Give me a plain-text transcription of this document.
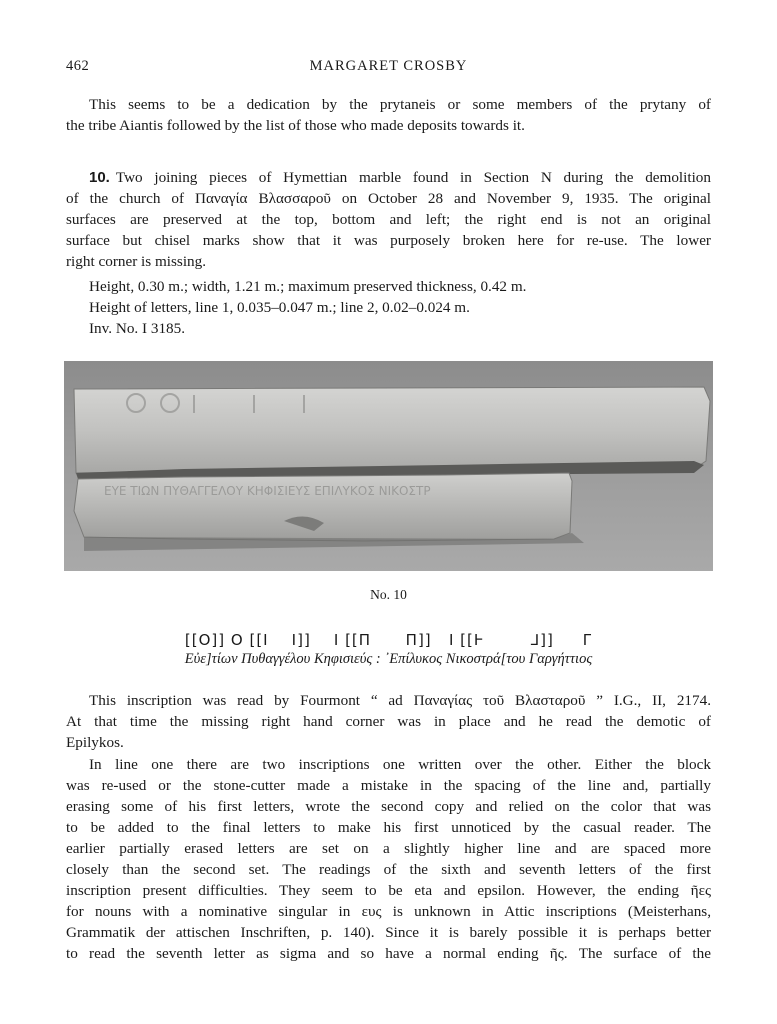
462	MARGARET CROSBY
This seems to be a dedication by the prytaneis or some members of the prytany of
the tribe Aiantis followed by the list of those who made deposits towards it.
10. Two joining pieces of Hymettian marble found in Section N during the demolition
of the church of Παναγία Βλασσαροῦ on October 28 and November 9, 1935. The original
surfaces are preserved at the top, bottom and left; the right end is not an original
surface but chisel marks show that it was purposely broken here for re-use. The lower
right corner is missing.
Height, 0.30 m.; width, 1.21 m.; maximum preserved thickness, 0.42 m.
Height of letters, line 1, 0.035–0.047 m.; line 2, 0.02–0.024 m.
Inv. No. I 3185.
ΕΥΕ ΤΙΩΝ ΠΥΘΑΓΓΕΛΟΥ ΚΗΦΙΣΙΕΥΣ ΕΠΙΛΥΚΟΣ ΝΙΚΟΣΤΡ
No. 10
[[O]] O [[I    I]]    I [[Π      Π]]   I [[Ⱶ        ⅃]]     Γ
Εὐε]τίων Πυθαγγέλου Κηφισιεύς : ᾿Επίλυκος Νικοστρά[του Γαργήττιος
This inscription was read by Fourmont “ ad Παναγίας τοῦ Βλασταροῦ ” I.G., II, 2174.
At that time the missing right hand corner was in place and he read the demotic of
Epilykos.
In line one there are two inscriptions one written over the other. Either the block
was re-used or the stone-cutter made a mistake in the spacing of the line and, partially
erasing some of his first letters, wrote the second copy and relied on the color that was
to be added to the final letters to make his first unnoticed by the casual reader. The
earlier partially erased letters are set on a slightly higher line and are spaced more
closely than the second set. The readings of the sixth and seventh letters of the first
inscription present difficulties. They seem to be eta and epsilon. However, the ending ῆες
for nouns with a nominative singular in ευς is unknown in Attic inscriptions (Meisterhans,
Grammatik der attischen Inschriften, p. 140). Since it is barely possible it is perhaps better
to read the seventh letter as sigma and so have a normal ending ῆς. The surface of the
